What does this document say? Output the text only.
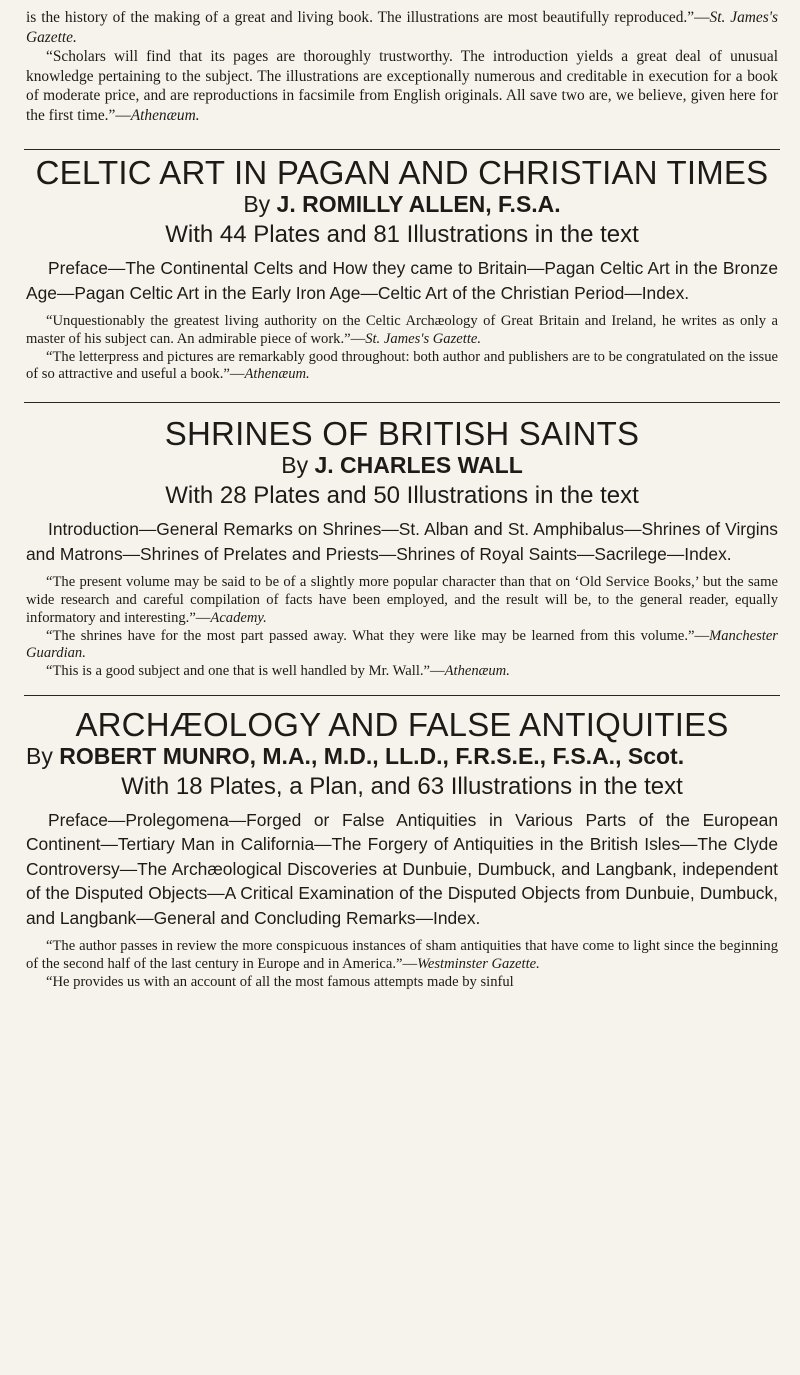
is the history of the making of a great and living book. The illustrations are most beautifully reproduced.”—St. James's Gazette.

“Scholars will find that its pages are thoroughly trustworthy. The introduction yields a great deal of unusual knowledge pertaining to the subject. The illustrations are exceptionally numerous and creditable in execution for a book of moderate price, and are reproductions in facsimile from English originals. All save two are, we believe, given here for the first time.”—Athenæum.

CELTIC ART IN PAGAN AND CHRISTIAN TIMES

By J. ROMILLY ALLEN, F.S.A.

With 44 Plates and 81 Illustrations in the text

Preface—The Continental Celts and How they came to Britain—Pagan Celtic Art in the Bronze Age—Pagan Celtic Art in the Early Iron Age—Celtic Art of the Christian Period—Index.

“Unquestionably the greatest living authority on the Celtic Archæology of Great Britain and Ireland, he writes as only a master of his subject can. An admirable piece of work.”—St. James's Gazette.

“The letterpress and pictures are remarkably good throughout: both author and publishers are to be congratulated on the issue of so attractive and useful a book.”—Athenæum.

SHRINES OF BRITISH SAINTS

By J. CHARLES WALL

With 28 Plates and 50 Illustrations in the text

Introduction—General Remarks on Shrines—St. Alban and St. Amphibalus—Shrines of Virgins and Matrons—Shrines of Prelates and Priests—Shrines of Royal Saints—Sacrilege—Index.

“The present volume may be said to be of a slightly more popular character than that on ‘Old Service Books,’ but the same wide research and careful compilation of facts have been employed, and the result will be, to the general reader, equally informatory and interesting.”—Academy.

“The shrines have for the most part passed away. What they were like may be learned from this volume.”—Manchester Guardian.

“This is a good subject and one that is well handled by Mr. Wall.”—Athenæum.

ARCHÆOLOGY AND FALSE ANTIQUITIES

By ROBERT MUNRO, M.A., M.D., LL.D., F.R.S.E., F.S.A., Scot.

With 18 Plates, a Plan, and 63 Illustrations in the text

Preface—Prolegomena—Forged or False Antiquities in Various Parts of the European Continent—Tertiary Man in California—The Forgery of Antiquities in the British Isles—The Clyde Controversy—The Archæological Discoveries at Dunbuie, Dumbuck, and Langbank, independent of the Disputed Objects—A Critical Examination of the Disputed Objects from Dunbuie, Dumbuck, and Langbank—General and Concluding Remarks—Index.

“The author passes in review the more conspicuous instances of sham antiquities that have come to light since the beginning of the second half of the last century in Europe and in America.”—Westminster Gazette.

“He provides us with an account of all the most famous attempts made by sinful
